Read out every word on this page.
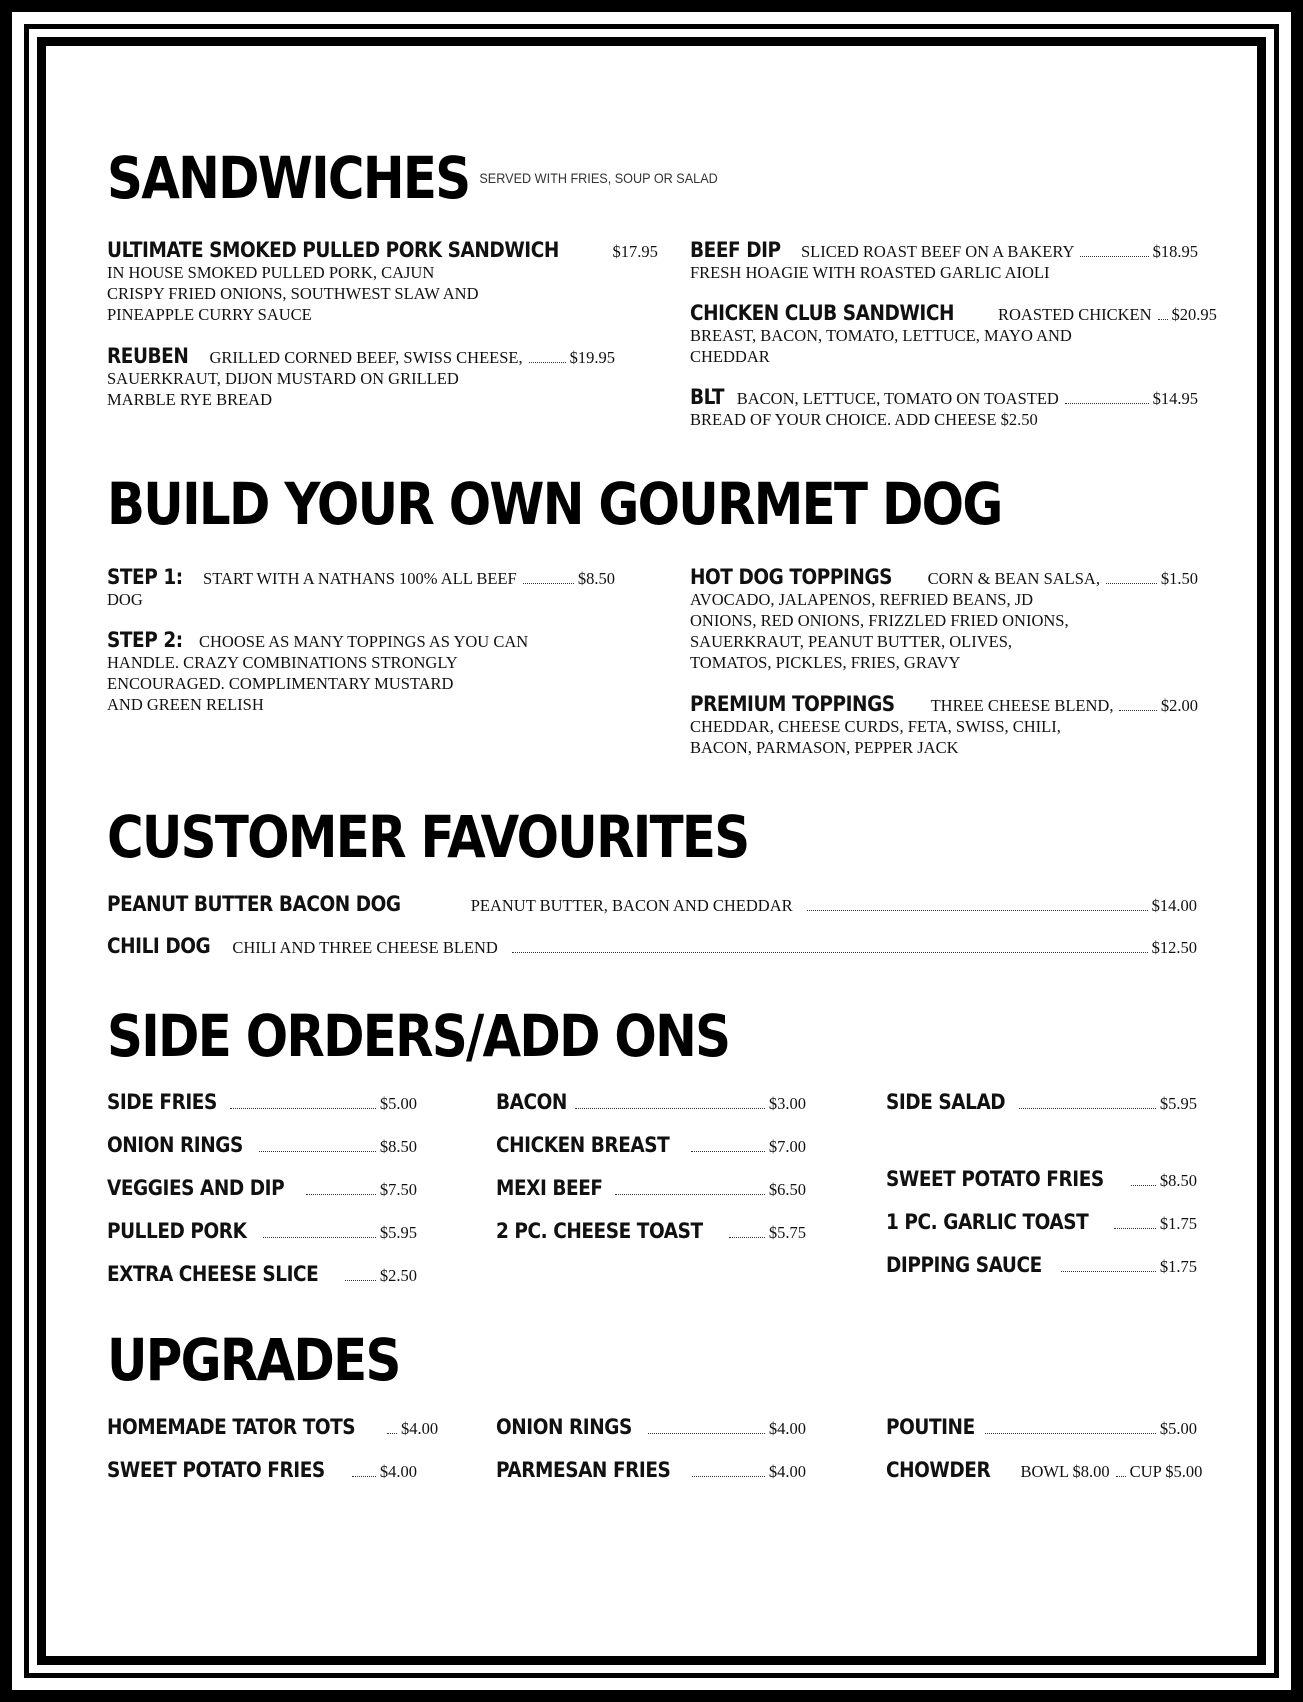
SANDWICHES SERVED WITH FRIES, SOUP OR SALAD
ULTIMATE SMOKED PULLED PORK SANDWICH	$17.95
IN HOUSE SMOKED PULLED PORK, CAJUN
CRISPY FRIED ONIONS, SOUTHWEST SLAW AND
PINEAPPLE CURRY SAUCE
REUBEN GRILLED CORNED BEEF, SWISS CHEESE,	$19.95
SAUERKRAUT, DIJON MUSTARD ON GRILLED
MARBLE RYE BREAD
BEEF DIP SLICED ROAST BEEF ON A BAKERY	$18.95
FRESH HOAGIE WITH ROASTED GARLIC AIOLI
CHICKEN CLUB SANDWICH	ROASTED CHICKEN $20.95
BREAST, BACON, TOMATO, LETTUCE, MAYO AND
CHEDDAR
BLT BACON, LETTUCE, TOMATO ON TOASTED	$14.95
BREAD OF YOUR CHOICE. ADD CHEESE $2.50
BUILD YOUR OWN GOURMET DOG
STEP 1: START WITH A NATHANS 100% ALL BEEF	$8.50
DOG
STEP 2: CHOOSE AS MANY TOPPINGS AS YOU CAN
HANDLE. CRAZY COMBINATIONS STRONGLY
ENCOURAGED. COMPLIMENTARY MUSTARD
AND GREEN RELISH
HOT DOG TOPPINGS CORN & BEAN SALSA,	$1.50
AVOCADO, JALAPENOS, REFRIED BEANS, JD
ONIONS, RED ONIONS, FRIZZLED FRIED ONIONS,
SAUERKRAUT, PEANUT BUTTER, OLIVES,
TOMATOS, PICKLES, FRIES, GRAVY
PREMIUM TOPPINGS THREE CHEESE BLEND,	$2.00
CHEDDAR, CHEESE CURDS, FETA, SWISS, CHILI,
BACON, PARMASON, PEPPER JACK
CUSTOMER FAVOURITES
PEANUT BUTTER BACON DOG	PEANUT BUTTER, BACON AND CHEDDAR	$14.00
CHILI DOG CHILI AND THREE CHEESE BLEND	$12.50
SIDE ORDERS/ADD ONS
SIDE FRIES	$5.00
ONION RINGS	$8.50
VEGGIES AND DIP	$7.50
PULLED PORK	$5.95
EXTRA CHEESE SLICE	$2.50
BACON	$3.00
CHICKEN BREAST	$7.00
MEXI BEEF	$6.50
2 PC. CHEESE TOAST	$5.75
SIDE SALAD	$5.95
SWEET POTATO FRIES	$8.50
1 PC. GARLIC TOAST	$1.75
DIPPING SAUCE	$1.75
UPGRADES
HOMEMADE TATOR TOTS	$4.00
SWEET POTATO FRIES	$4.00
ONION RINGS	$4.00
PARMESAN FRIES	$4.00
POUTINE	$5.00
CHOWDER BOWL $8.00 CUP $5.00
